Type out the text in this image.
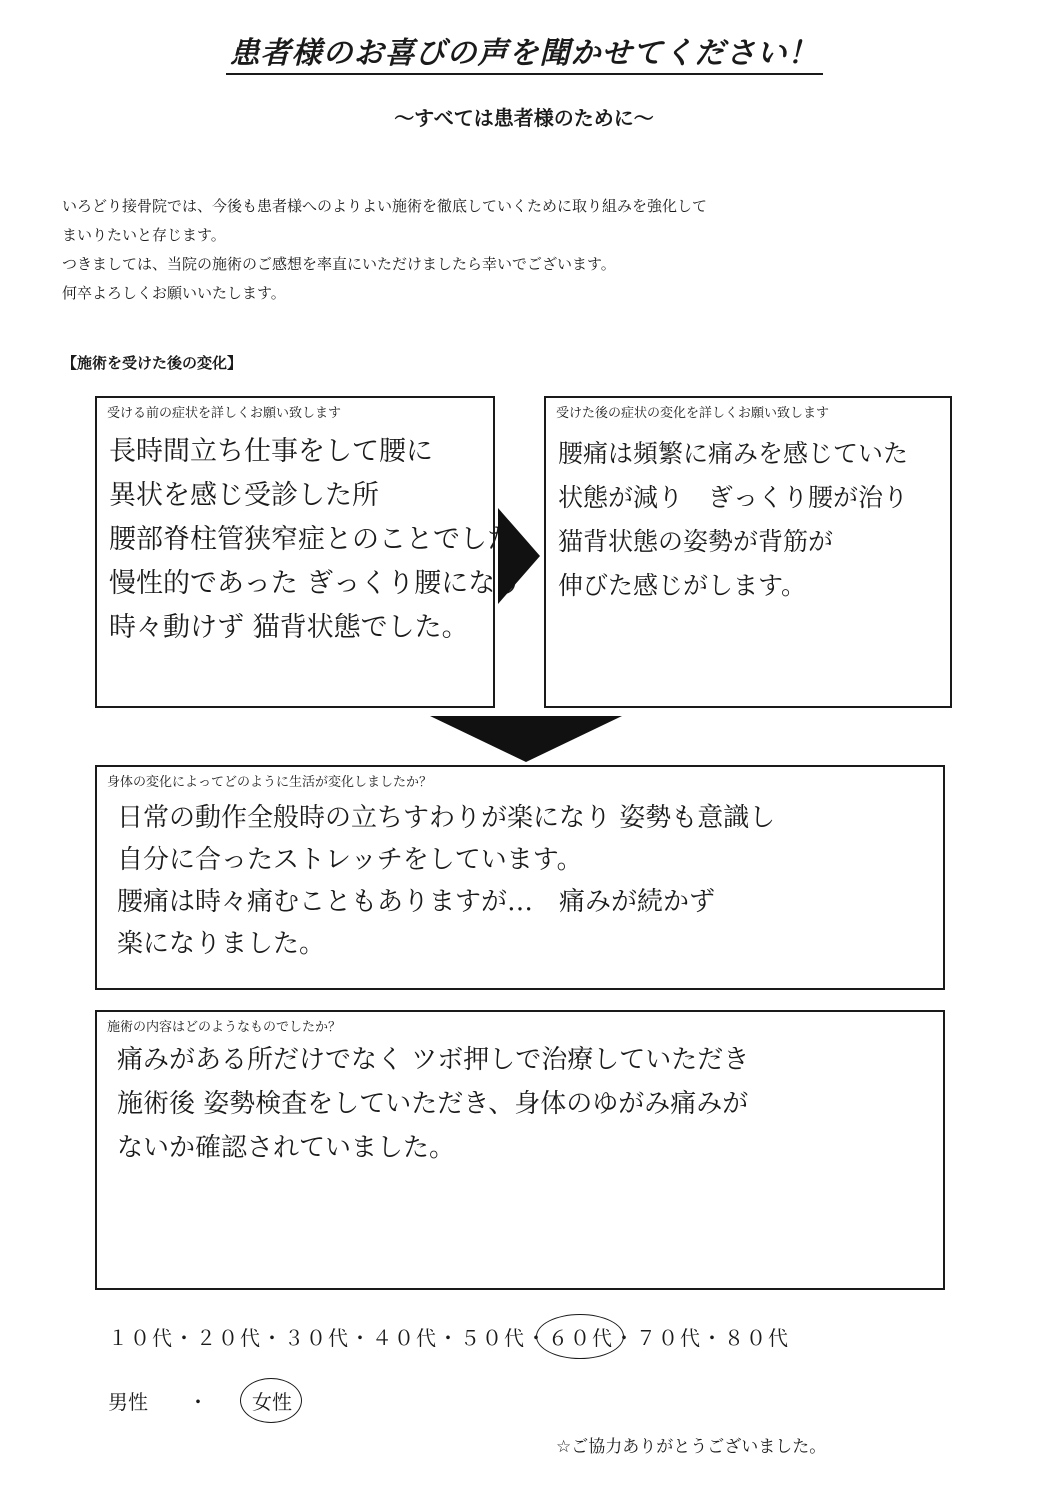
患者様のお喜びの声を聞かせてください！
〜すべては患者様のために〜
いろどり接骨院では、今後も患者様へのよりよい施術を徹底していくために取り組みを強化して
まいりたいと存じます。
つきましては、当院の施術のご感想を率直にいただけましたら幸いでございます。
何卒よろしくお願いいたします。
【施術を受けた後の変化】
受ける前の症状を詳しくお願い致します
長時間立ち仕事をして腰に
異状を感じ受診した所
腰部脊柱管狭窄症とのことでした
慢性的であった ぎっくり腰になり
時々動けず 猫背状態でした。
受けた後の症状の変化を詳しくお願い致します
腰痛は頻繁に痛みを感じていた
状態が減り　ぎっくり腰が治り
猫背状態の姿勢が背筋が
伸びた感じがします。
身体の変化によってどのように生活が変化しましたか？
日常の動作全般時の立ちすわりが楽になり 姿勢も意識し
自分に合ったストレッチをしています。
腰痛は時々痛むこともありますが…　痛みが続かず
楽になりました。
施術の内容はどのようなものでしたか？
痛みがある所だけでなく ツボ押しで治療していただき
施術後 姿勢検査をしていただき、身体のゆがみ痛みが
ないか確認されていました。
１０代・２０代・３０代・４０代・５０代・６０代・７０代・８０代
男性 ・ 女性
☆ご協力ありがとうございました。
